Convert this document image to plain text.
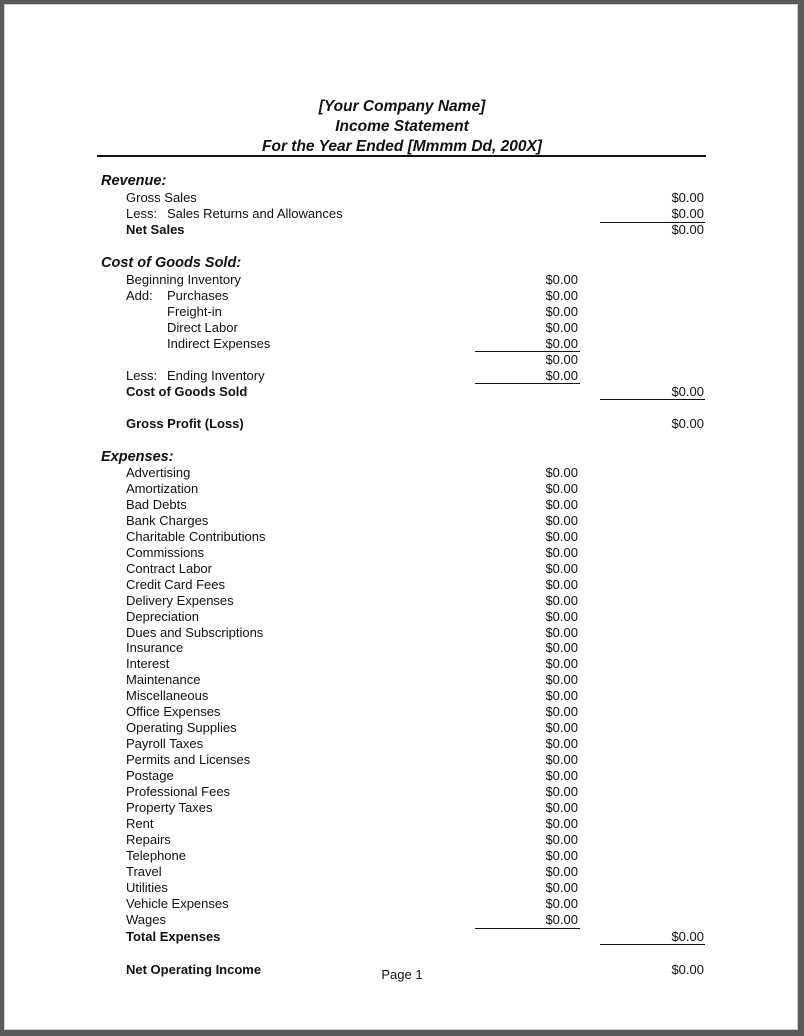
[Your Company Name]
Income Statement
For the Year Ended [Mmmm Dd, 200X]
Revenue:
Gross Sales	$0.00
Less: Sales Returns and Allowances	$0.00
Net Sales	$0.00
Cost of Goods Sold:
Beginning Inventory	$0.00
Add: Purchases	$0.00
Freight-in	$0.00
Direct Labor	$0.00
Indirect Expenses	$0.00
$0.00
Less: Ending Inventory	$0.00
Cost of Goods Sold	$0.00
Gross Profit (Loss)	$0.00
Expenses:
Advertising	$0.00
Amortization	$0.00
Bad Debts	$0.00
Bank Charges	$0.00
Charitable Contributions	$0.00
Commissions	$0.00
Contract Labor	$0.00
Credit Card Fees	$0.00
Delivery Expenses	$0.00
Depreciation	$0.00
Dues and Subscriptions	$0.00
Insurance	$0.00
Interest	$0.00
Maintenance	$0.00
Miscellaneous	$0.00
Office Expenses	$0.00
Operating Supplies	$0.00
Payroll Taxes	$0.00
Permits and Licenses	$0.00
Postage	$0.00
Professional Fees	$0.00
Property Taxes	$0.00
Rent	$0.00
Repairs	$0.00
Telephone	$0.00
Travel	$0.00
Utilities	$0.00
Vehicle Expenses	$0.00
Wages	$0.00
Total Expenses	$0.00
Net Operating Income	$0.00
Page 1
